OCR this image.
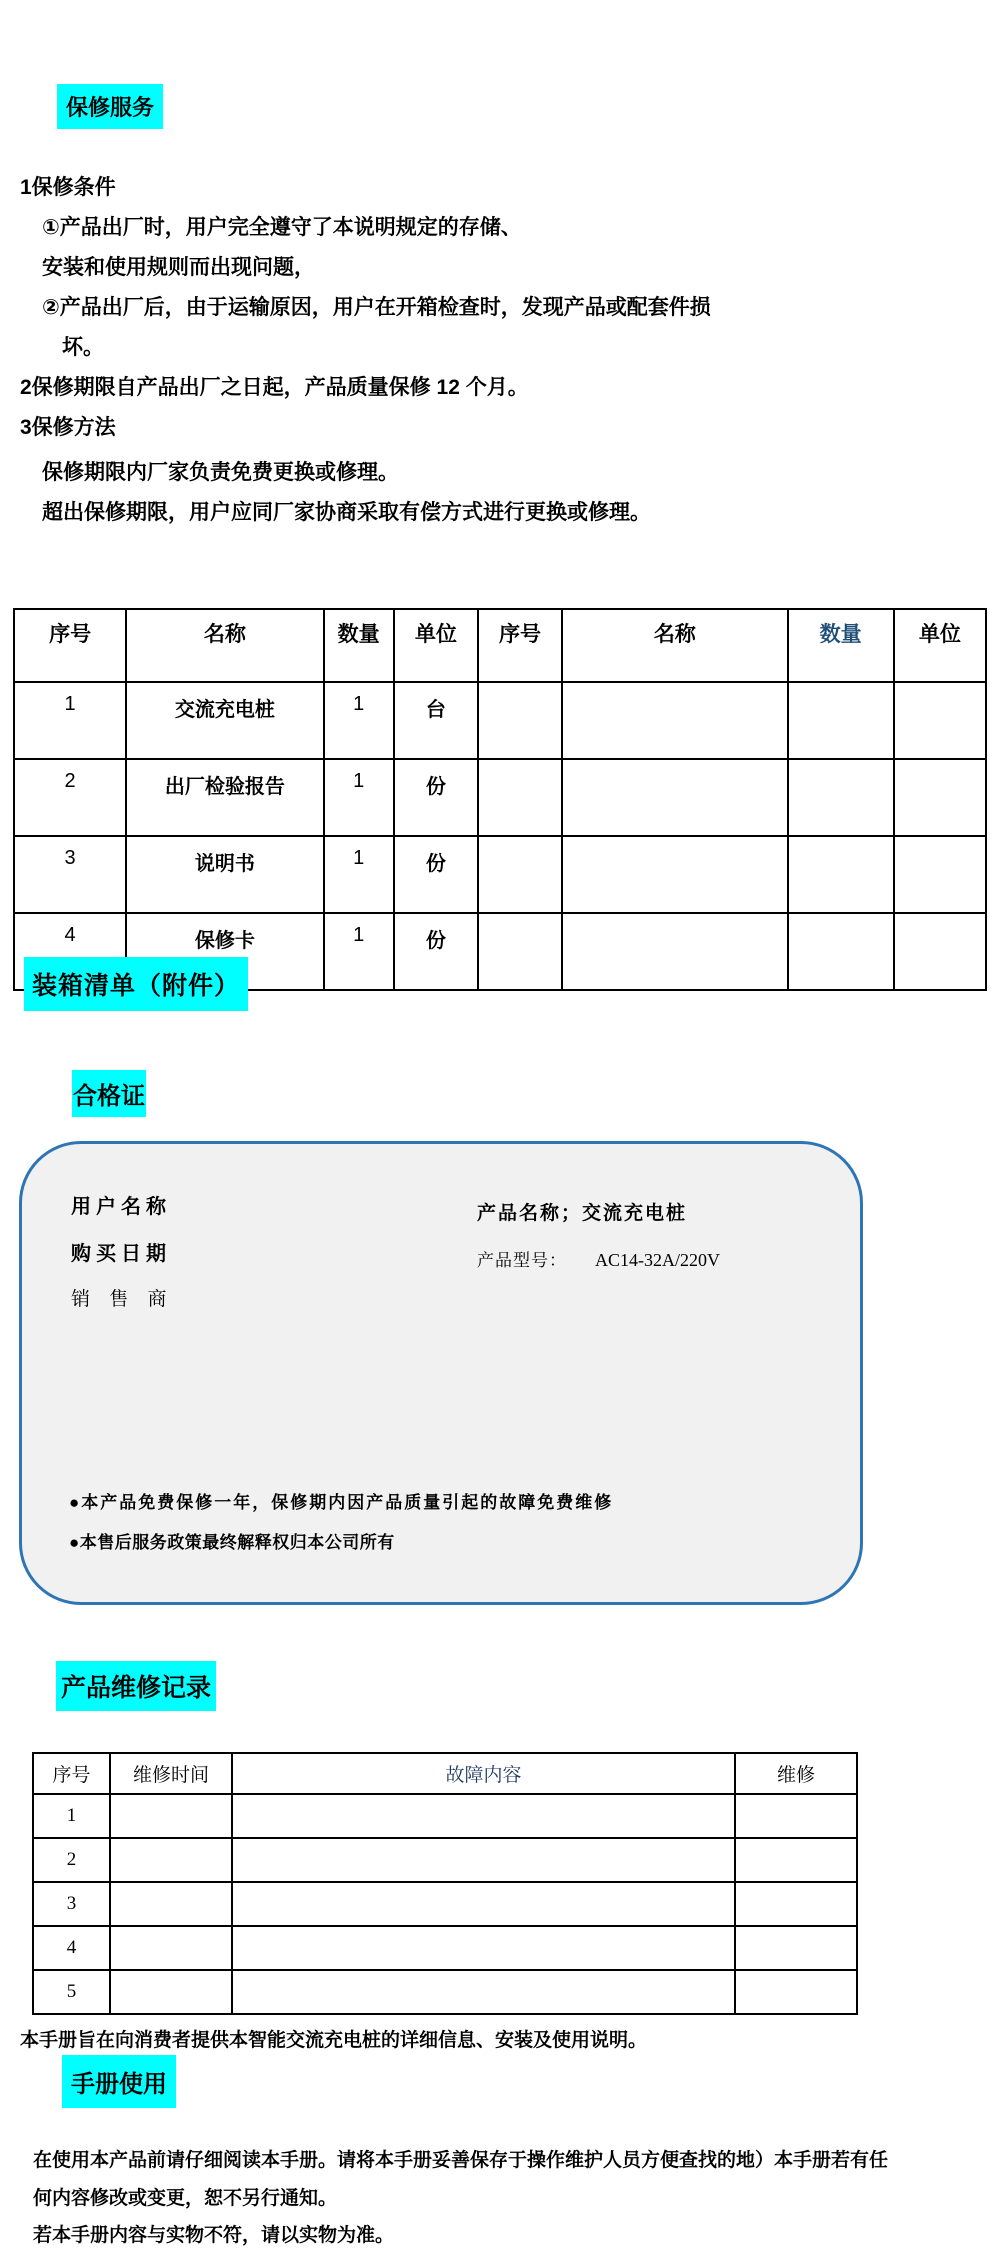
保修服务
1保修条件
①产品出厂时，用户完全遵守了本说明规定的存储、
安装和使用规则而出现问题，
②产品出厂后，由于运输原因，用户在开箱检查时，发现产品或配套件损
坏。
2保修期限自产品出厂之日起，产品质量保修 12 个月。
3保修方法
保修期限内厂家负责免费更换或修理。
超出保修期限，用户应同厂家协商采取有偿方式进行更换或修理。
序号	名称	数量	单位	序号	名称	数量	单位
1	交流充电桩	1	台				
2	出厂检验报告	1	份				
3	说明书	1	份				
4	保修卡	1	份				
装箱清单（附件）
合格证
用户名称
购买日期
销 售 商
产品名称；交流充电桩
产品型号： AC14-32A/220V
●本产品免费保修一年，保修期内因产品质量引起的故障免费维修
●本售后服务政策最终解释权归本公司所有
产品维修记录
序号	维修时间	故障内容	维修
1			
2			
3			
4			
5			
本手册旨在向消费者提供本智能交流充电桩的详细信息、安装及使用说明。
手册使用
在使用本产品前请仔细阅读本手册。请将本手册妥善保存于操作维护人员方便查找的地）本手册若有任
何内容修改或变更，恕不另行通知。
若本手册内容与实物不符，请以实物为准。
